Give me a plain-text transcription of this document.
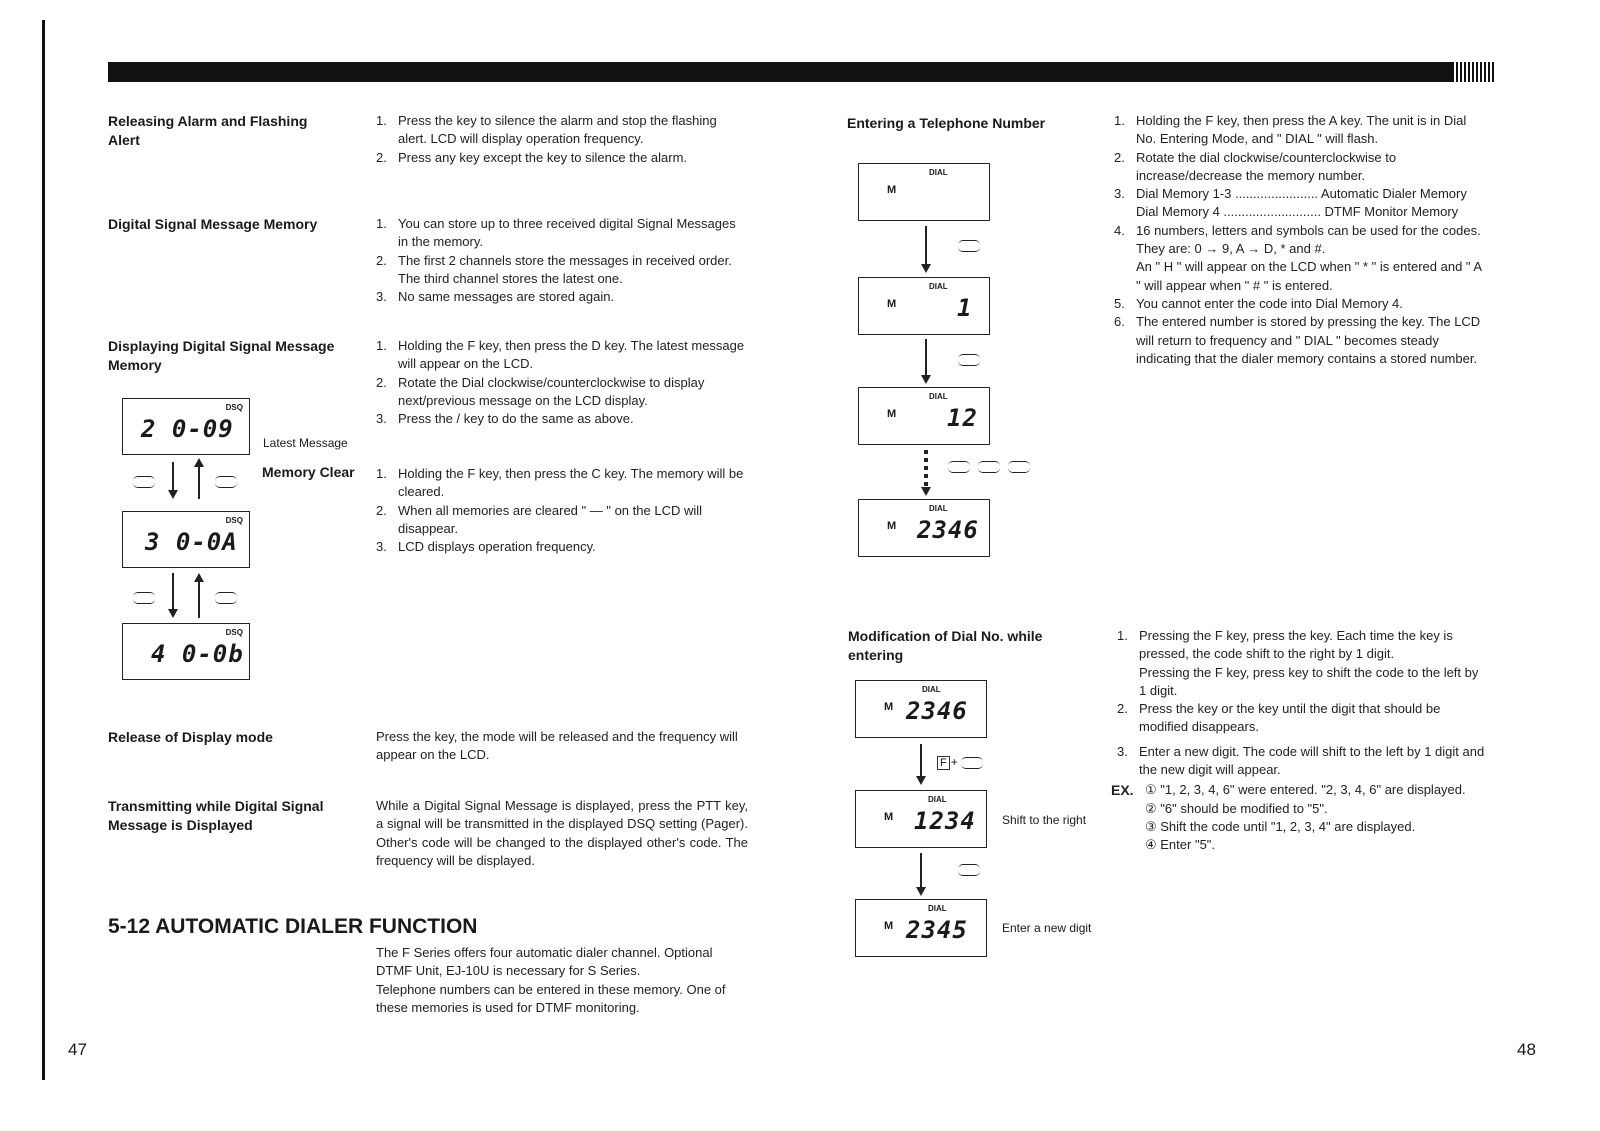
Releasing Alarm and Flashing Alert
1. Press the key to silence the alarm and stop the flashing alert. LCD will display operation frequency.
2. Press any key except the key to silence the alarm.
Digital Signal Message Memory	1. You can store up to three received digital Signal Messages in the memory.
2. The first 2 channels store the messages in received order. The third channel stores the latest one.
3. No same messages are stored again.
Displaying Digital Signal Message Memory
1. Holding the F key, then press the D key. The latest message will appear on the LCD.
2. Rotate the Dial clockwise/counterclockwise to display next/previous message on the LCD display.
3. Press the / key to do the same as above.
DSQ
2 0-09 Latest Message
DSQ
3 0-0A
DSQ
4 0-0b
Memory Clear 1. Holding the F key, then press the C key. The memory will be cleared.
2. When all memories are cleared " — " on the LCD will disappear.
3. LCD displays operation frequency.
Release of Display mode	Press the key, the mode will be released and the frequency will appear on the LCD.
Transmitting while Digital Signal Message is Displayed
While a Digital Signal Message is displayed, press the PTT key, a signal will be transmitted in the displayed DSQ setting (Pager). Other's code will be changed to the displayed other's code. The frequency will be displayed.
5-12 AUTOMATIC DIALER FUNCTION

The F Series offers four automatic dialer channel. Optional DTMF Unit, EJ-10U is necessary for S Series.

Telephone numbers can be entered in these memory. One of these memories is used for DTMF monitoring.

47
Entering a Telephone Number	1. Holding the F key, then press the A key. The unit is in Dial No. Entering Mode, and " DIAL " will flash.
2. Rotate the dial clockwise/counterclockwise to increase/decrease the memory number.
3. Dial Memory 1-3 ....................... Automatic Dialer Memory
Dial Memory 4 ........................... DTMF Monitor Memory
4. 16 numbers, letters and symbols can be used for the codes.
They are: 0 → 9, A → D, * and #.
An " H " will appear on the LCD when " * " is entered and " A " will appear when " # " is entered.
5. You cannot enter the code into Dial Memory 4.
6. The entered number is stored by pressing the key. The LCD will return to frequency and " DIAL " becomes steady indicating that the dialer memory contains a stored number.
DIAL
M
DIAL
M	1
DIAL
M 12
DIAL
M 2346
Modification of Dial No. while entering
1. Pressing the F key, press the key. Each time the key is pressed, the code shift to the right by 1 digit.
Pressing the F key, press key to shift the code to the left by 1 digit.
2. Press the key or the key until the digit that should be modified disappears.
3. Enter a new digit. The code will shift to the left by 1 digit and the new digit will appear.
EX. ① "1, 2, 3, 4, 6" were entered. "2, 3, 4, 6" are displayed.
② "6" should be modified to "5".
③ Shift the code until "1, 2, 3, 4" are displayed.
④ Enter "5".
DIAL
M 2346
F +
DIAL
M 1234 Shift to the right
DIAL
M 2345	Enter a new digit
48
